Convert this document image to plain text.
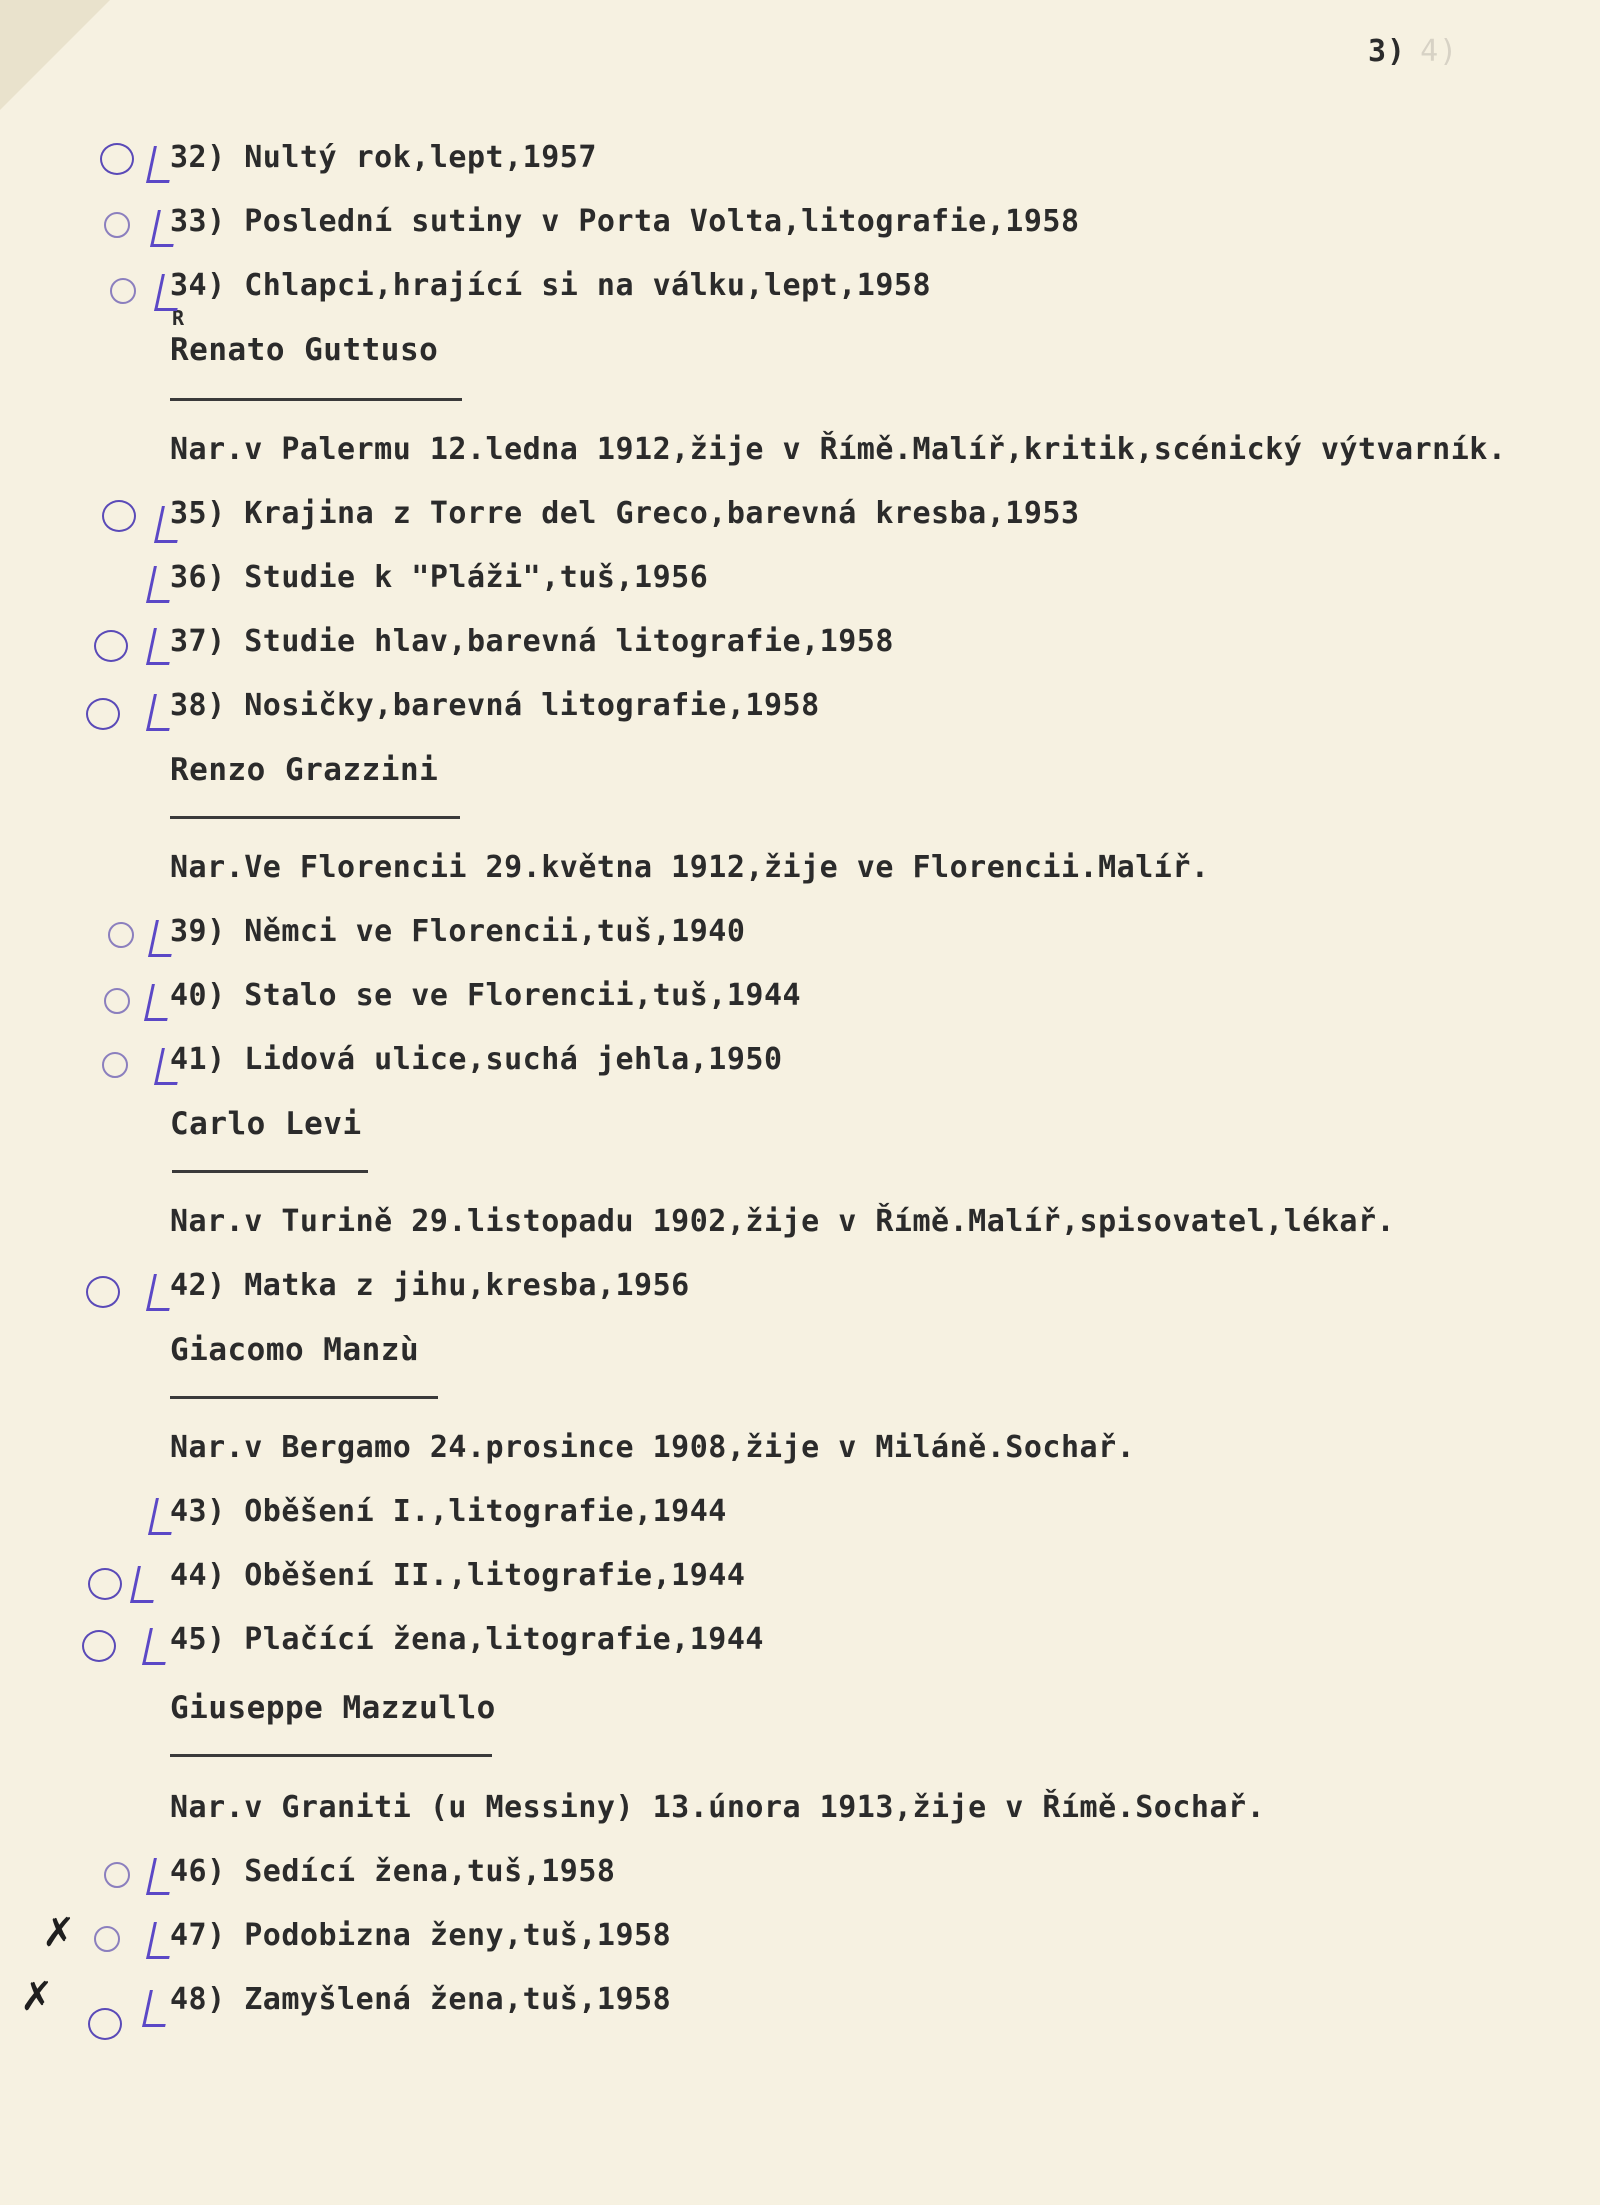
3) 4)
32) Nultý rok,lept,1957
33) Poslední sutiny v Porta Volta,litografie,1958
34) Chlapci,hrající si na válku,lept,1958
R
Renato Guttuso
Nar.v Palermu 12.ledna 1912,žije v Římě.Malíř,kritik,scénický výtvarník.
35) Krajina z Torre del Greco,barevná kresba,1953
36) Studie k "Pláži",tuš,1956
37) Studie hlav,barevná litografie,1958
38) Nosičky,barevná litografie,1958
Renzo Grazzini
Nar.Ve Florencii 29.května 1912,žije ve Florencii.Malíř.
39) Němci ve Florencii,tuš,1940
40) Stalo se ve Florencii,tuš,1944
41) Lidová ulice,suchá jehla,1950
Carlo Levi
Nar.v Turině 29.listopadu 1902,žije v Římě.Malíř,spisovatel,lékař.
42) Matka z jihu,kresba,1956
Giacomo Manzù
Nar.v Bergamo 24.prosince 1908,žije v Miláně.Sochař.
43) Oběšení I.,litografie,1944
44) Oběšení II.,litografie,1944
45) Plačící žena,litografie,1944
Giuseppe Mazzullo
Nar.v Graniti (u Messiny) 13.února 1913,žije v Římě.Sochař.
46) Sedící žena,tuš,1958
47) Podobizna ženy,tuš,1958
48) Zamyšlená žena,tuš,1958
✗
✗
